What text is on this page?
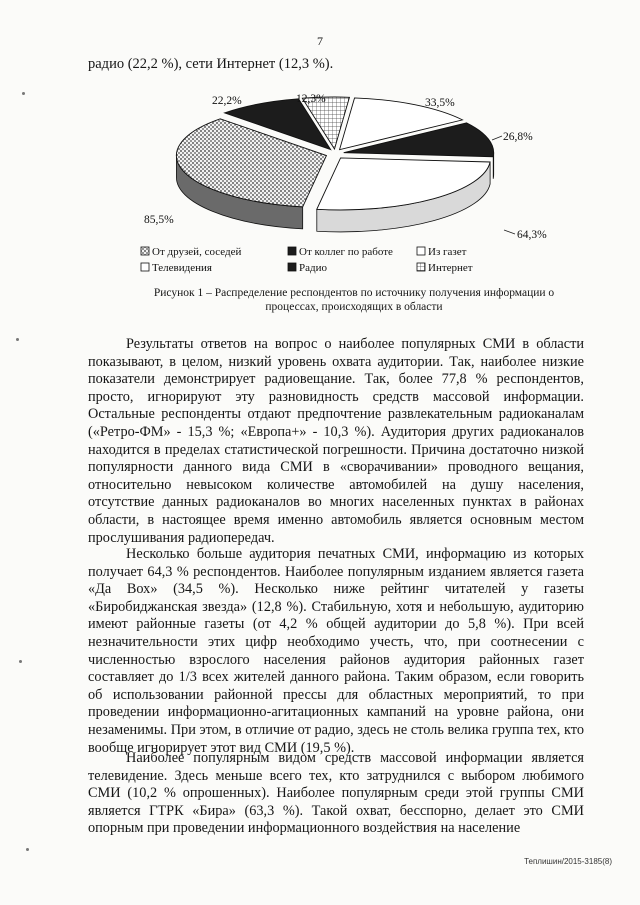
7
радио (22,2 %), сети Интернет (12,3 %).
22,2%	12,3%	33,5%
26,8%
64,3%
85,5%
От друзей, соседей	От коллег по работе	Из газет
Телевидения	Радио	Интернет
Рисунок 1 – Распределение респондентов по источнику получения информации о
процессах, происходящих в области

Результаты ответов на вопрос о наиболее популярных СМИ в области показывают, в целом, низкий уровень охвата аудитории. Так, наиболее низкие показатели демонстрирует радиовещание. Так, более 77,8 % респондентов, просто, игнорируют эту разновидность средств массовой информации. Остальные респонденты отдают предпочтение развлекательным радиоканалам («Ретро-ФМ» - 15,3 %; «Европа+» - 10,3 %). Аудитория других радиоканалов находится в пределах статистической погрешности. Причина достаточно низкой популярности данного вида СМИ в «сворачивании» проводного вещания, относительно невысоком количестве автомобилей на душу населения, отсутствие данных радиоканалов во многих населенных пунктах в районах области, в настоящее время именно автомобиль является основным местом прослушивания радиопередач.

Несколько больше аудитория печатных СМИ, информацию из которых получает 64,3 % респондентов. Наиболее популярным изданием является газета «Да Вох» (34,5 %). Несколько ниже рейтинг читателей у газеты «Биробиджанская звезда» (12,8 %). Стабильную, хотя и небольшую, аудиторию имеют районные газеты (от 4,2 % общей аудитории до 5,8 %). При всей незначительности этих цифр необходимо учесть, что, при соотнесении с численностью взрослого населения районов аудитория районных газет составляет до 1/3 всех жителей данного района. Таким образом, если говорить об использовании районной прессы для областных мероприятий, то при проведении информационно-агитационных кампаний на уровне района, они незаменимы. При этом, в отличие от радио, здесь не столь велика группа тех, кто вообще игнорирует этот вид СМИ (19,5 %).

Наиболее популярным видом средств массовой информации является телевидение. Здесь меньше всего тех, кто затруднился с выбором любимого СМИ (10,2 % опрошенных). Наиболее популярным среди этой группы СМИ является ГТРК «Бира» (63,3 %). Такой охват, бесспорно, делает это СМИ опорным при проведении информационного воздействия на население

Теплишин/2015-3185(8)
